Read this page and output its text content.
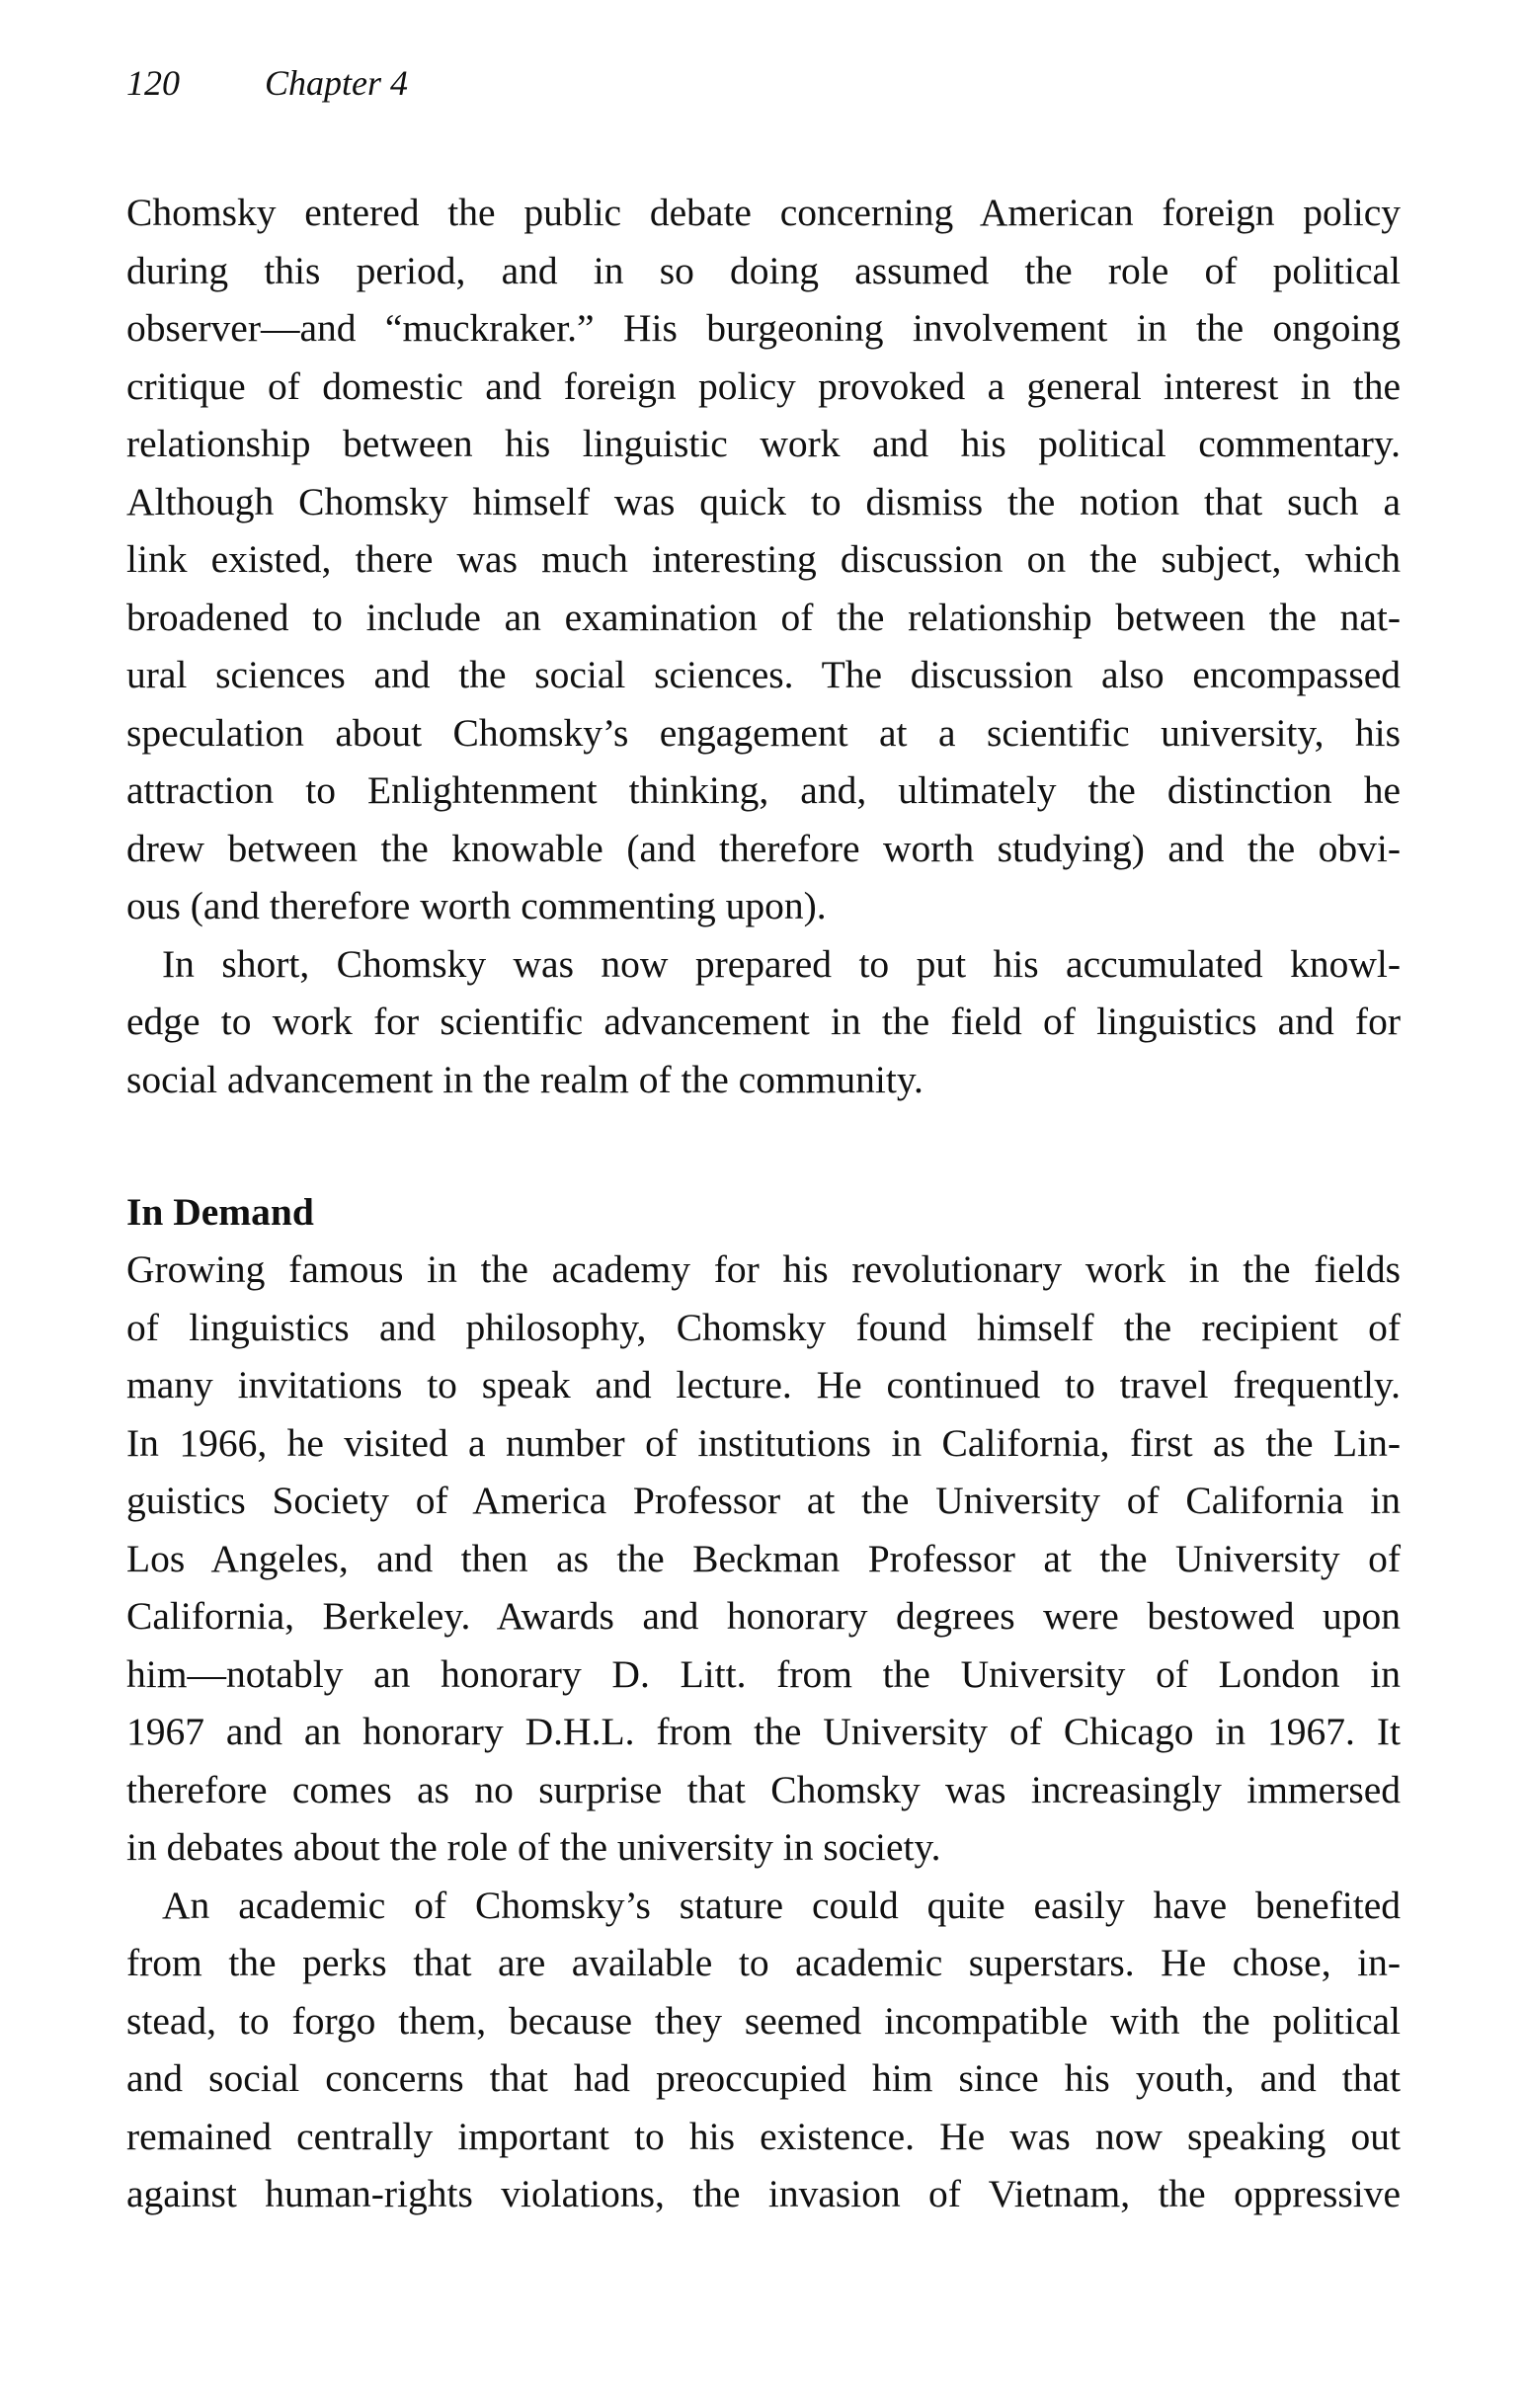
120 Chapter 4
Chomsky entered the public debate concerning American foreign policy
during this period, and in so doing assumed the role of political
observer—and “muckraker.” His burgeoning involvement in the ongoing
critique of domestic and foreign policy provoked a general interest in the
relationship between his linguistic work and his political commentary.
Although Chomsky himself was quick to dismiss the notion that such a
link existed, there was much interesting discussion on the subject, which
broadened to include an examination of the relationship between the nat-
ural sciences and the social sciences. The discussion also encompassed
speculation about Chomsky’s engagement at a scientific university, his
attraction to Enlightenment thinking, and, ultimately the distinction he
drew between the knowable (and therefore worth studying) and the obvi-
ous (and therefore worth commenting upon).
In short, Chomsky was now prepared to put his accumulated knowl-
edge to work for scientific advancement in the field of linguistics and for
social advancement in the realm of the community.
In Demand
Growing famous in the academy for his revolutionary work in the fields
of linguistics and philosophy, Chomsky found himself the recipient of
many invitations to speak and lecture. He continued to travel frequently.
In 1966, he visited a number of institutions in California, first as the Lin-
guistics Society of America Professor at the University of California in
Los Angeles, and then as the Beckman Professor at the University of
California, Berkeley. Awards and honorary degrees were bestowed upon
him—notably an honorary D. Litt. from the University of London in
1967 and an honorary D.H.L. from the University of Chicago in 1967. It
therefore comes as no surprise that Chomsky was increasingly immersed
in debates about the role of the university in society.
An academic of Chomsky’s stature could quite easily have benefited
from the perks that are available to academic superstars. He chose, in-
stead, to forgo them, because they seemed incompatible with the political
and social concerns that had preoccupied him since his youth, and that
remained centrally important to his existence. He was now speaking out
against human-rights violations, the invasion of Vietnam, the oppressive
